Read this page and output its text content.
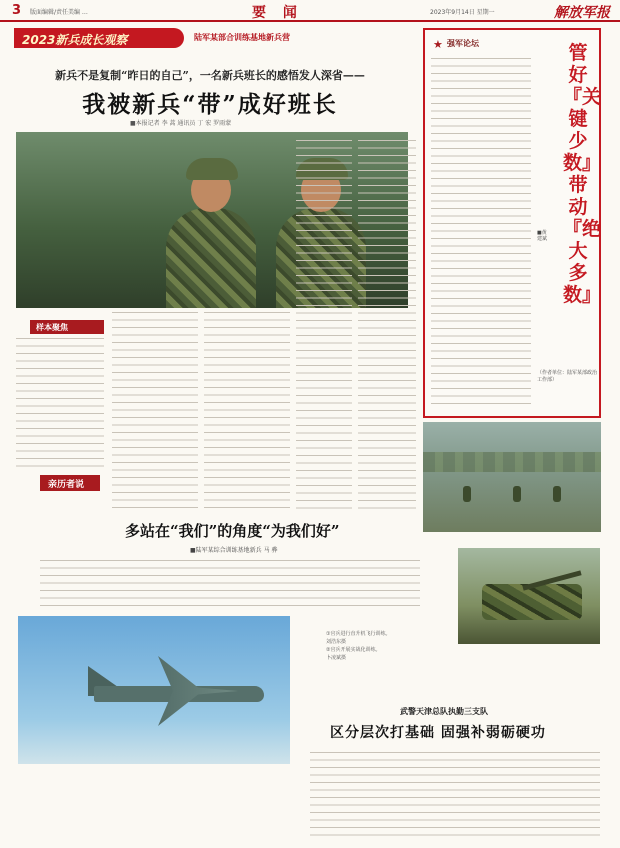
3 版面编辑/责任美编 …	要 闻	2023年9月14日 星期一	解放军报
2023新兵成长观察	陆军某部合训练基地新兵营
新兵不是复制“昨日的自己”，一名新兵班长的感悟发人深省——
我被新兵“带”成好班长
■本报记者 李 蒿 通讯员 丁 宏 罗雨蒙
样本聚焦
★ 强军论坛	管好『关键少数』 带动『绝大多数』
■黄建斌
（作者单位：陆军某部政治工作部）
亲历者说
多站在“我们”的角度“为我们好”
■陆军某综合训练基地新兵 马 骅
①官兵进行直升机飞行训练。
刘浩东摄
②官兵开展实战化训练。
卜凌斌摄
武警天津总队执勤三支队
区分层次打基础 固强补弱砺硬功
